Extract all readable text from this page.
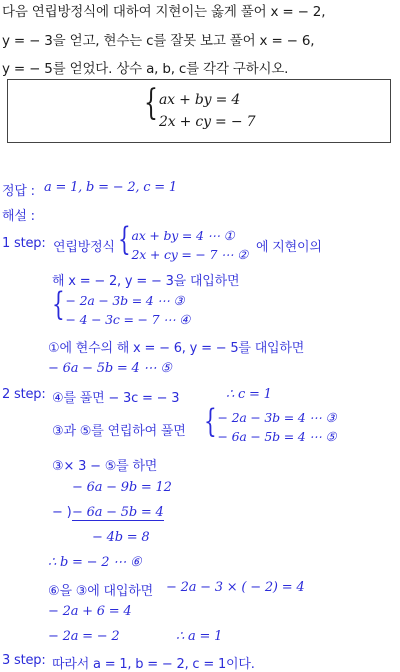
다음 연립방정식에 대하여 지현이는 옳게 풀어 x = − 2,
y = − 3을 얻고, 현수는 c를 잘못 보고 풀어 x = − 6,
y = − 5를 얻었다. 상수 a, b, c를 각각 구하시오.
{ ax + by = 4
2x + cy = − 7
정답 : a = 1, b = − 2, c = 1
해설 :
1 step: 연립방정식 { ax + by = 4 ⋯ ①
2x + cy = − 7 ⋯ ② 에 지현이의
해 x = − 2, y = − 3을 대입하면
{ − 2a − 3b = 4 ⋯ ③
− 4 − 3c = − 7 ⋯ ④
①에 현수의 해 x = − 6, y = − 5를 대입하면
− 6a − 5b = 4 ⋯ ⑤
2 step: ④를 풀면 − 3c = − 3	∴ c = 1
③과 ⑤를 연립하여 풀면 { − 2a − 3b = 4 ⋯ ③
− 6a − 5b = 4 ⋯ ⑤
③× 3 − ⑤를 하면
− 6a − 9b = 12
− ) − 6a − 5b = 4
− 4b = 8
∴ b = − 2 ⋯ ⑥
⑥을 ③에 대입하면 − 2a − 3 × ( − 2) = 4
− 2a + 6 = 4
− 2a = − 2	∴ a = 1
3 step: 따라서 a = 1, b = − 2, c = 1이다.
